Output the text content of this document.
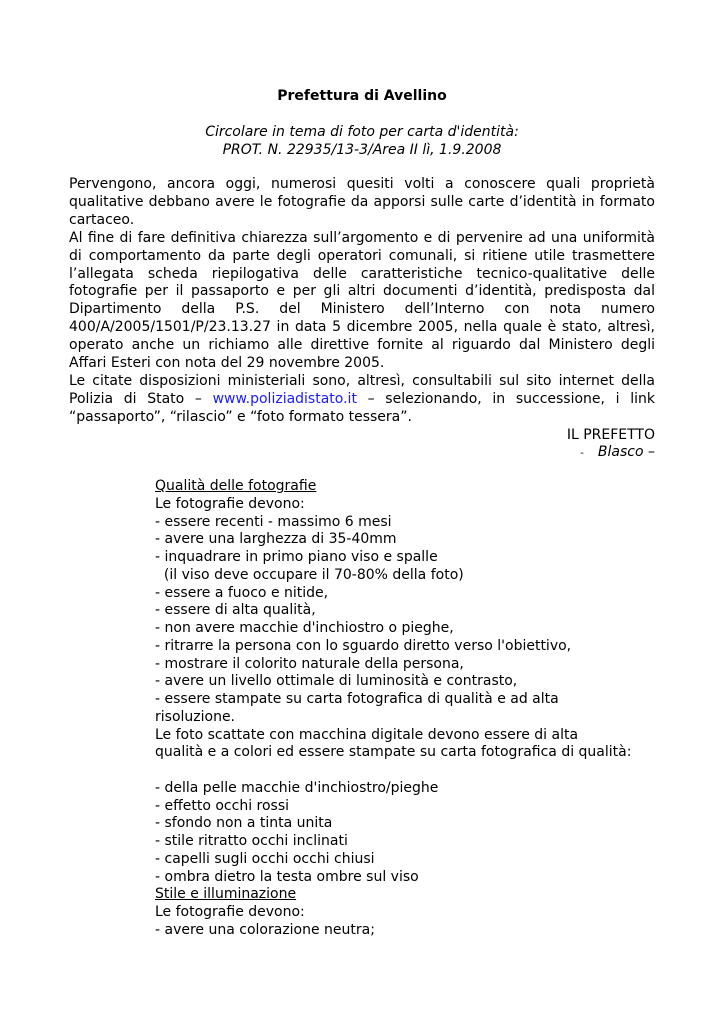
Prefettura di Avellino
Circolare in tema di foto per carta d'identità:
PROT. N. 22935/13-3/Area II lì, 1.9.2008

Pervengono, ancora oggi, numerosi quesiti volti a conoscere quali proprietà qualitative debbano avere le fotografie da apporsi sulle carte d’identità in formato cartaceo.

Al fine di fare definitiva chiarezza sull’argomento e di pervenire ad una uniformità di comportamento da parte degli operatori comunali, si ritiene utile trasmettere l’allegata scheda riepilogativa delle caratteristiche tecnico-qualitative delle fotografie per il passaporto e per gli altri documenti d’identità, predisposta dal Dipartimento della P.S. del Ministero dell’Interno con nota numero 400/A/2005/1501/P/23.13.27 in data 5 dicembre 2005, nella quale è stato, altresì, operato anche un richiamo alle direttive fornite al riguardo dal Ministero degli Affari Esteri con nota del 29 novembre 2005.

Le citate disposizioni ministeriali sono, altresì, consultabili sul sito internet della Polizia di Stato – www.poliziadistato.it – selezionando, in successione, i link “passaporto”, “rilascio” e “foto formato tessera”.

IL PREFETTO
- Blasco –
Qualità delle fotografie
Le fotografie devono:
- essere recenti - massimo 6 mesi
- avere una larghezza di 35-40mm
- inquadrare in primo piano viso e spalle
(il viso deve occupare il 70-80% della foto)
- essere a fuoco e nitide,
- essere di alta qualità,
- non avere macchie d'inchiostro o pieghe,
- ritrarre la persona con lo sguardo diretto verso l'obiettivo,
- mostrare il colorito naturale della persona,
- avere un livello ottimale di luminosità e contrasto,
- essere stampate su carta fotografica di qualità e ad alta
risoluzione.
Le foto scattate con macchina digitale devono essere di alta
qualità e a colori ed essere stampate su carta fotografica di qualità:

- della pelle macchie d'inchiostro/pieghe
- effetto occhi rossi
- sfondo non a tinta unita
- stile ritratto occhi inclinati
- capelli sugli occhi occhi chiusi
- ombra dietro la testa ombre sul viso
Stile e illuminazione
Le fotografie devono:
- avere una colorazione neutra;
